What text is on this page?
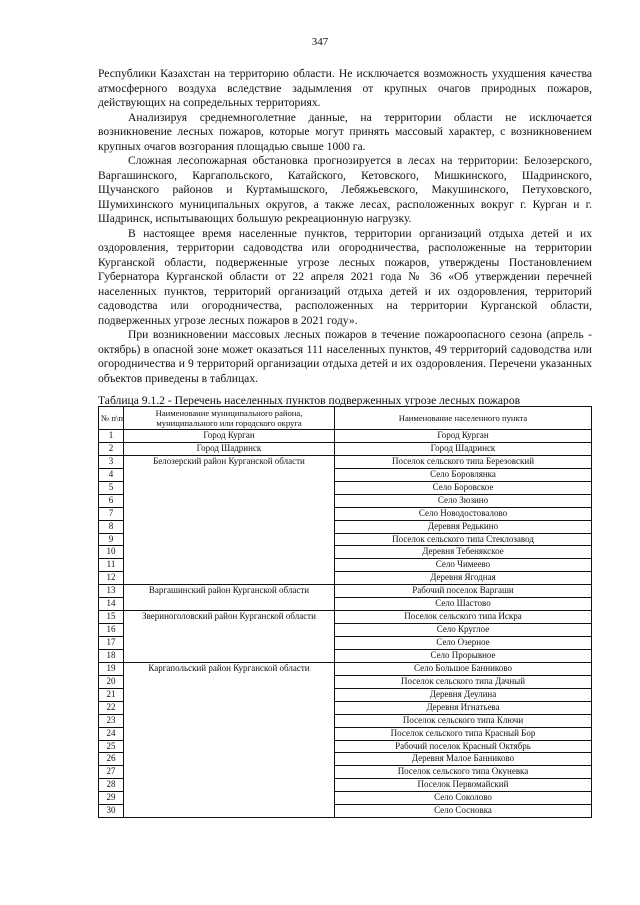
347

Республики Казахстан на территорию области. Не исключается возможность ухудшения качества атмосферного воздуха вследствие задымления от крупных очагов природных пожаров, действующих на сопредельных территориях.

Анализируя среднемноголетние данные, на территории области не исключается возникновение лесных пожаров, которые могут принять массовый характер, с возникновением крупных очагов возгорания площадью свыше 1000 га.

Сложная лесопожарная обстановка прогнозируется в лесах на территории: Белозерского, Варгашинского, Каргапольского, Катайского, Кетовского, Мишкинского, Шадринского, Щучанского районов и Куртамышского, Лебяжьевского, Макушинского, Петуховского, Шумихинского муниципальных округов, а также лесах, расположенных вокруг г. Курган и г. Шадринск, испытывающих большую рекреационную нагрузку.

В настоящее время населенные пунктов, территории организаций отдыха детей и их оздоровления, территории садоводства или огородничества, расположенные на территории Курганской области, подверженные угрозе лесных пожаров, утверждены Постановлением Губернатора Курганской области от 22 апреля 2021 года № 36 «Об утверждении перечней населенных пунктов, территорий организаций отдыха детей и их оздоровления, территорий садоводства или огородничества, расположенных на территории Курганской области, подверженных угрозе лесных пожаров в 2021 году».

При возникновении массовых лесных пожаров в течение пожароопасного сезона (апрель - октябрь) в опасной зоне может оказаться 111 населенных пунктов, 49 территорий садоводства или огородничества и 9 территорий организации отдыха детей и их оздоровления. Перечени указанных объектов приведены в таблицах.

Таблица 9.1.2 - Перечень населенных пунктов подверженных угрозе лесных пожаров
№ п\п	Наименование муниципального района, муниципального или городского округа	Наименование населенного пункта
1	Город Курган	Город Курган
2	Город Шадринск	Город Шадринск
3	Белозерский район Курганской области	Поселок сельского типа Березовский
4		Село Боровлянка
5		Село Боровское
6		Село Зюзино
7		Село Новодостовалово
8		Деревня Редькино
9		Поселок сельского типа Стеклозавод
10		Деревня Тебенякское
11		Село Чимеево
12		Деревня Ягодная
13	Варгашинский район Курганской области	Рабочий поселок Варгаши
14		Село Шастово
15	Звериноголовский район Курганской области	Поселок сельского типа Искра
16		Село Круглое
17		Село Озерное
18		Село Прорывное
19	Каргапольский район Курганской области	Село Большое Банниково
20		Поселок сельского типа Дачный
21		Деревня Деулина
22		Деревня Игнатьева
23		Поселок сельского типа Ключи
24		Поселок сельского типа Красный Бор
25		Рабочий поселок Красный Октябрь
26		Деревня Малое Банниково
27		Поселок сельского типа Окуневка
28		Поселок Первомайский
29		Село Соколово
30		Село Сосновка
